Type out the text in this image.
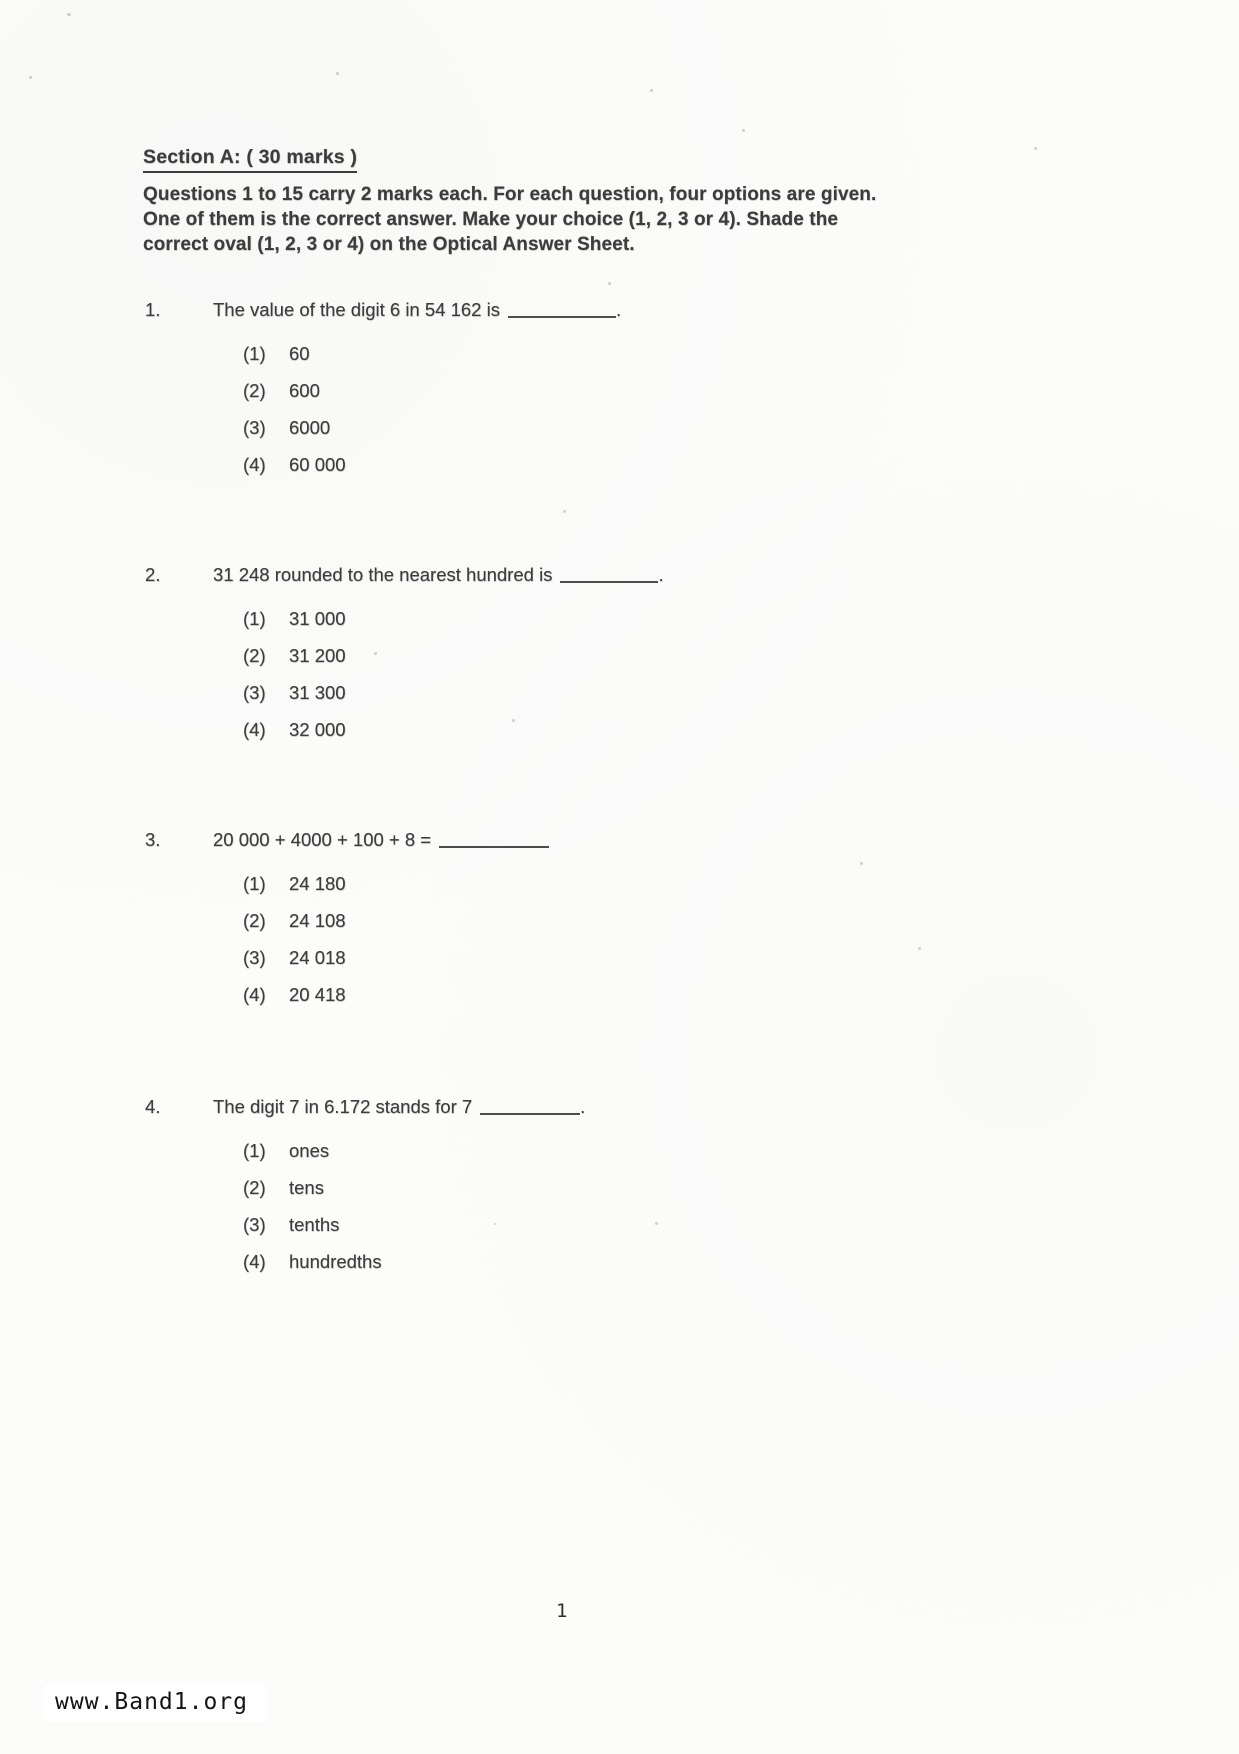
Section A: ( 30 marks )
Questions 1 to 15 carry 2 marks each. For each question, four options are given.
One of them is the correct answer. Make your choice (1, 2, 3 or 4). Shade the
correct oval (1, 2, 3 or 4) on the Optical Answer Sheet.
1.	The value of the digit 6 in 54 162 is	.
(1)	60
(2)	600
(3)	6000
(4)	60 000
2.	31 248 rounded to the nearest hundred is	.
(1)	31 000
(2)	31 200
(3)	31 300
(4)	32 000
3.	20 000 + 4000 + 100 + 8 =
(1)	24 180
(2)	24 108
(3)	24 018
(4)	20 418
4.	The digit 7 in 6.172 stands for 7	.
(1)	ones
(2)	tens
(3)	tenths
(4)	hundredths
1
www.Band1.org
